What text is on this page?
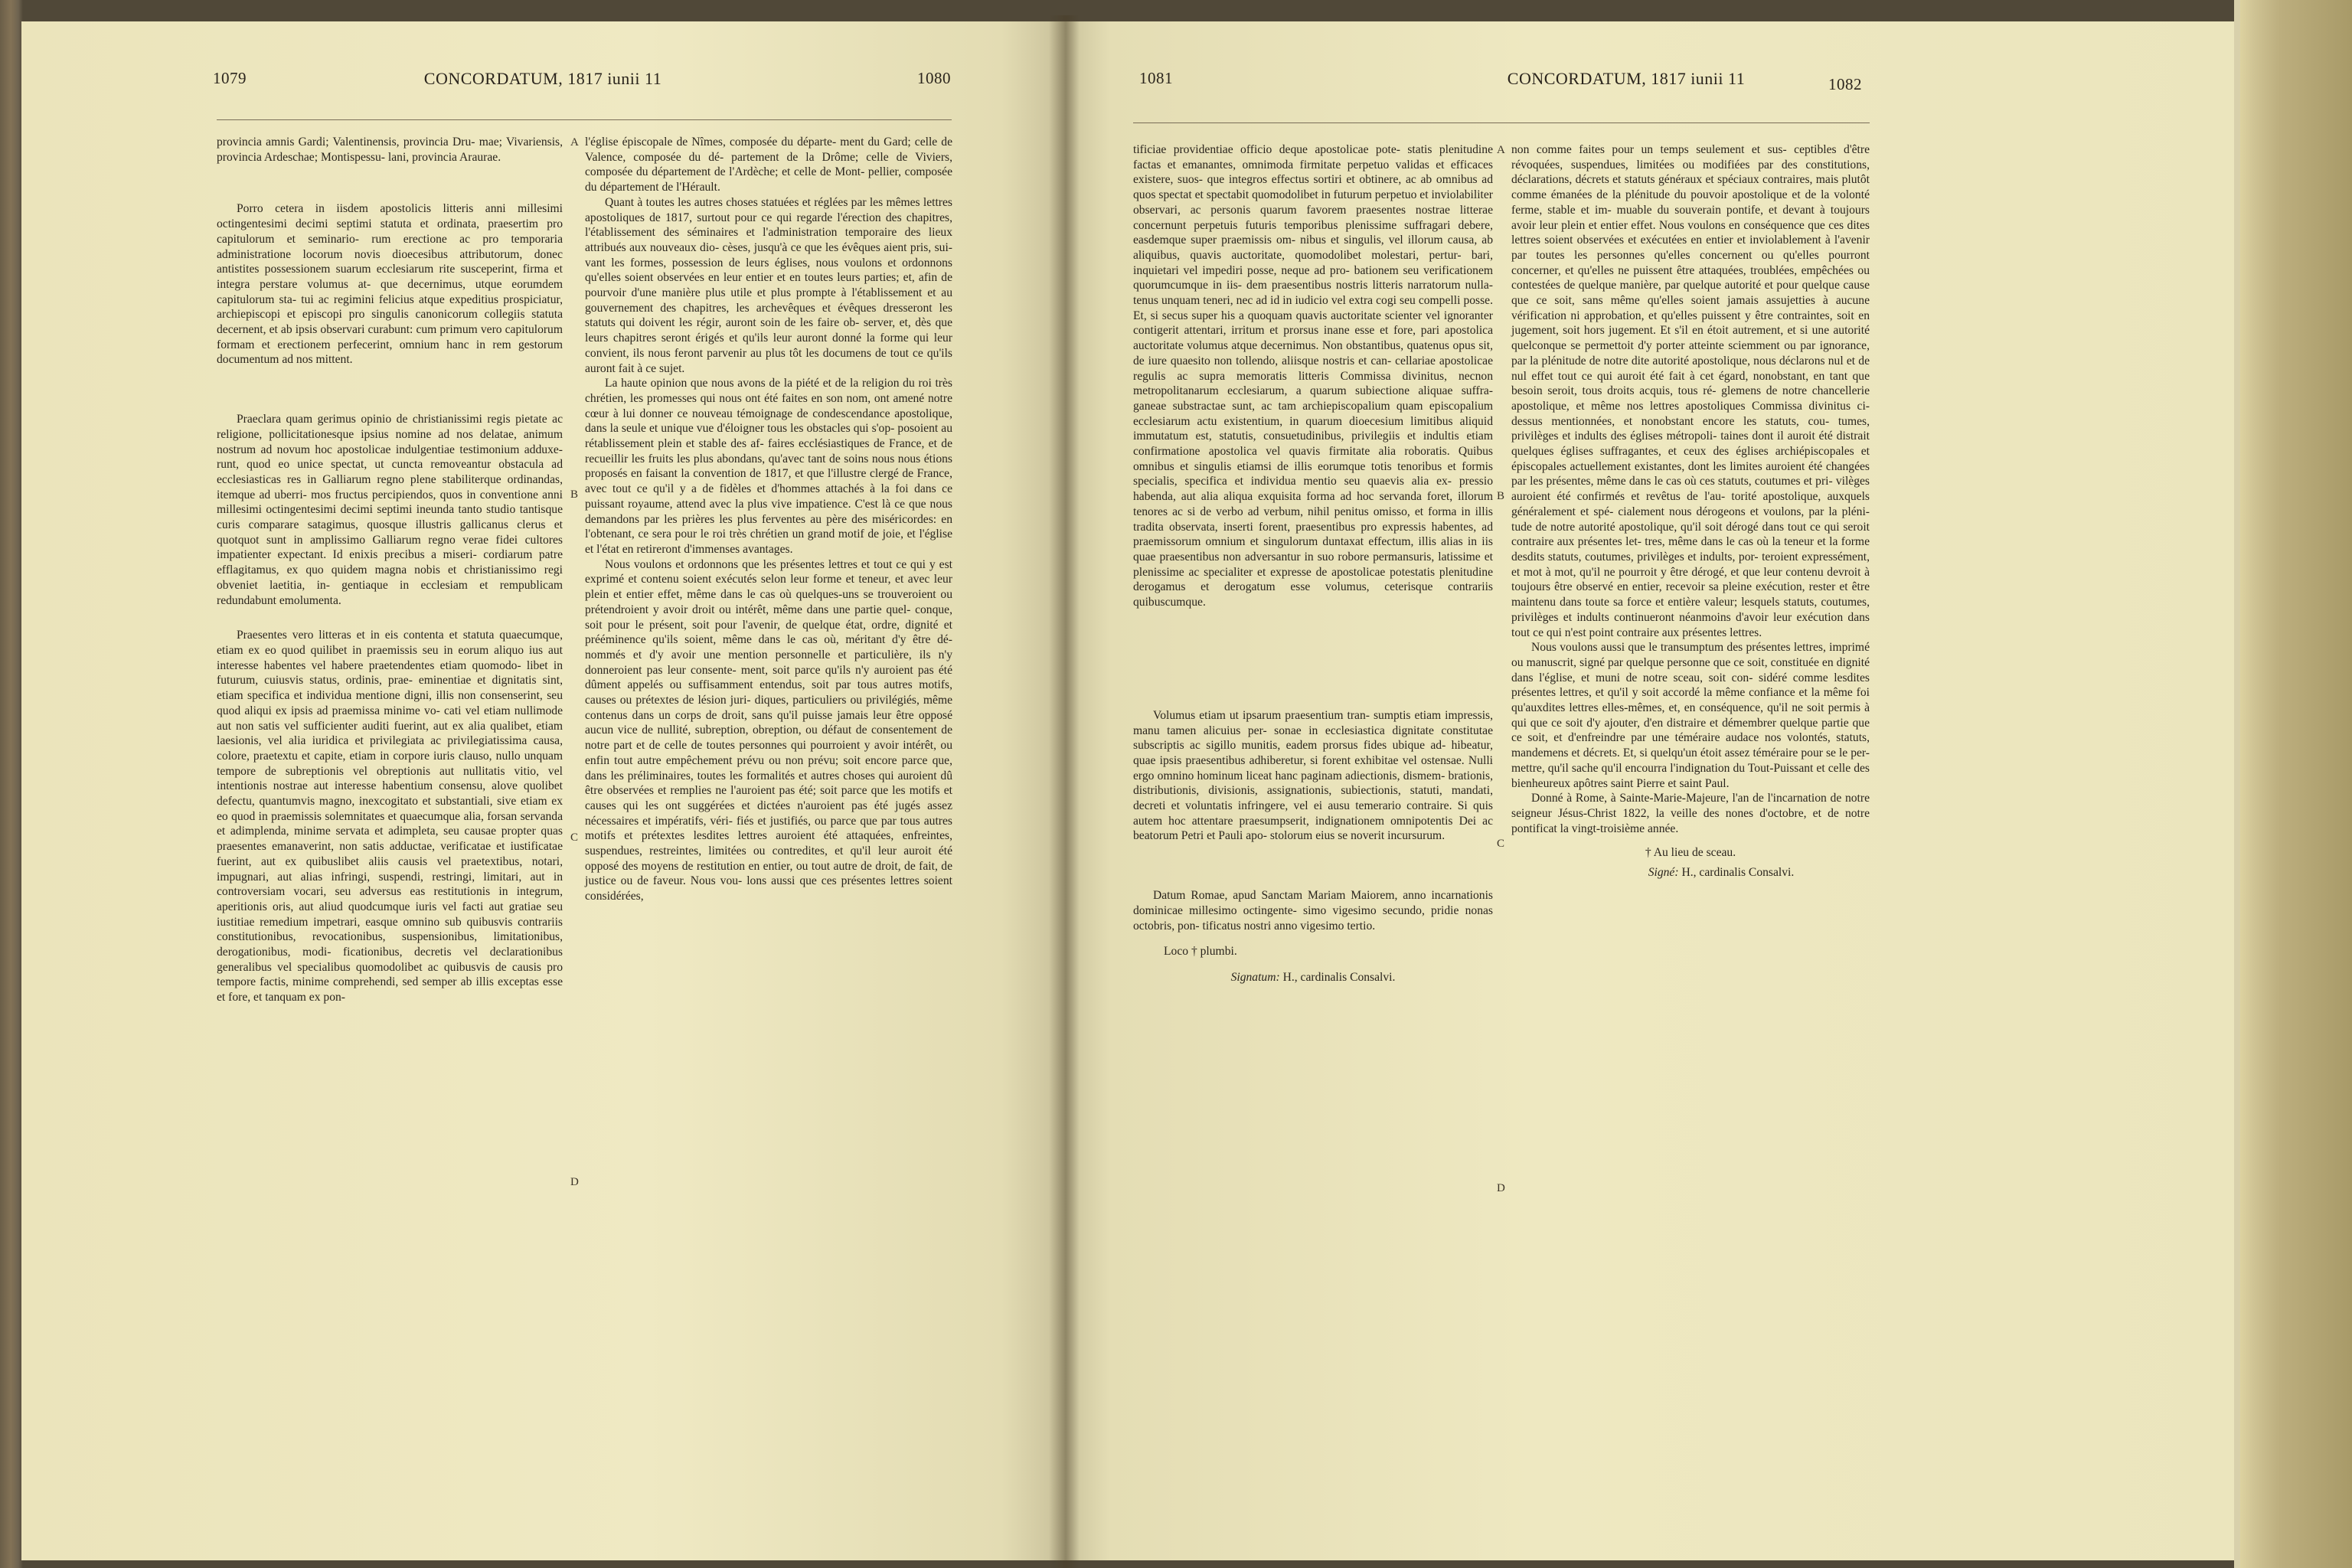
1079	CONCORDATUM, 1817 iunii 11	1080

provincia amnis Gardi; Valentinensis, provincia Dru- mae; Vivariensis, provincia Ardeschae; Montispessu- lani, provincia Araurae.

Porro cetera in iisdem apostolicis litteris anni millesimi octingentesimi decimi septimi statuta et ordinata, praesertim pro capitulorum et seminario- rum erectione ac pro temporaria administratione locorum novis dioecesibus attributorum, donec antistites possessionem suarum ecclesiarum rite susceperint, firma et integra perstare volumus at- que decernimus, utque eorumdem capitulorum sta- tui ac regimini felicius atque expeditius prospiciatur, archiepiscopi et episcopi pro singulis canonicorum collegiis statuta decernent, et ab ipsis observari curabunt: cum primum vero capitulorum formam et erectionem perfecerint, omnium hanc in rem gestorum documentum ad nos mittent.

Praeclara quam gerimus opinio de christianissimi regis pietate ac religione, pollicitationesque ipsius nomine ad nos delatae, animum nostrum ad novum hoc apostolicae indulgentiae testimonium adduxe- runt, quod eo unice spectat, ut cuncta removeantur obstacula ad ecclesiasticas res in Galliarum regno plene stabiliterque ordinandas, itemque ad uberri- mos fructus percipiendos, quos in conventione anni millesimi octingentesimi decimi septimi ineunda tanto studio tantisque curis comparare satagimus, quosque illustris gallicanus clerus et quotquot sunt in amplissimo Galliarum regno verae fidei cultores impatienter expectant. Id enixis precibus a miseri- cordiarum patre efflagitamus, ex quo quidem magna nobis et christianissimo regi obveniet laetitia, in- gentiaque in ecclesiam et rempublicam redundabunt emolumenta.

Praesentes vero litteras et in eis contenta et statuta quaecumque, etiam ex eo quod quilibet in praemissis seu in eorum aliquo ius aut interesse habentes vel habere praetendentes etiam quomodo- libet in futurum, cuiusvis status, ordinis, prae- eminentiae et dignitatis sint, etiam specifica et individua mentione digni, illis non consenserint, seu quod aliqui ex ipsis ad praemissa minime vo- cati vel etiam nullimode aut non satis vel sufficienter auditi fuerint, aut ex alia qualibet, etiam laesionis, vel alia iuridica et privilegiata ac privilegiatissima causa, colore, praetextu et capite, etiam in corpore iuris clauso, nullo unquam tempore de subreptionis vel obreptionis aut nullitatis vitio, vel intentionis nostrae aut interesse habentium consensu, alove quolibet defectu, quantumvis magno, inexcogitato et substantiali, sive etiam ex eo quod in praemissis solemnitates et quaecumque alia, forsan servanda et adimplenda, minime servata et adimpleta, seu causae propter quas praesentes emanaverint, non satis adductae, verificatae et iustificatae fuerint, aut ex quibuslibet aliis causis vel praetextibus, notari, impugnari, aut alias infringi, suspendi, restringi, limitari, aut in controversiam vocari, seu adversus eas restitutionis in integrum, aperitionis oris, aut aliud quodcumque iuris vel facti aut gratiae seu iustitiae remedium impetrari, easque omnino sub quibusvis contrariis constitutionibus, revocationibus, suspensionibus, limitationibus, derogationibus, modi- ficationibus, decretis vel declarationibus generalibus vel specialibus quomodolibet ac quibusvis de causis pro tempore factis, minime comprehendi, sed semper ab illis exceptas esse et fore, et tanquam ex pon-

l'église épiscopale de Nîmes, composée du départe- ment du Gard; celle de Valence, composée du dé- partement de la Drôme; celle de Viviers, composée du département de l'Ardèche; et celle de Mont- pellier, composée du département de l'Hérault.

Quant à toutes les autres choses statuées et réglées par les mêmes lettres apostoliques de 1817, surtout pour ce qui regarde l'érection des chapitres, l'établissement des séminaires et l'administration temporaire des lieux attribués aux nouveaux dio- cèses, jusqu'à ce que les évêques aient pris, sui- vant les formes, possession de leurs églises, nous voulons et ordonnons qu'elles soient observées en leur entier et en toutes leurs parties; et, afin de pourvoir d'une manière plus utile et plus prompte à l'établissement et au gouvernement des chapitres, les archevêques et évêques dresseront les statuts qui doivent les régir, auront soin de les faire ob- server, et, dès que leurs chapitres seront érigés et qu'ils leur auront donné la forme qui leur convient, ils nous feront parvenir au plus tôt les documens de tout ce qu'ils auront fait à ce sujet.

La haute opinion que nous avons de la piété et de la religion du roi très chrétien, les promesses qui nous ont été faites en son nom, ont amené notre cœur à lui donner ce nouveau témoignage de condescendance apostolique, dans la seule et unique vue d'éloigner tous les obstacles qui s'op- posoient au rétablissement plein et stable des af- faires ecclésiastiques de France, et de recueillir les fruits les plus abondans, qu'avec tant de soins nous nous étions proposés en faisant la convention de 1817, et que l'illustre clergé de France, avec tout ce qu'il y a de fidèles et d'hommes attachés à la foi dans ce puissant royaume, attend avec la plus vive impatience. C'est là ce que nous demandons par les prières les plus ferventes au père des miséricordes: en l'obtenant, ce sera pour le roi très chrétien un grand motif de joie, et l'église et l'état en retireront d'immenses avantages.

Nous voulons et ordonnons que les présentes lettres et tout ce qui y est exprimé et contenu soient exécutés selon leur forme et teneur, et avec leur plein et entier effet, même dans le cas où quelques-uns se trouveroient ou prétendroient y avoir droit ou intérêt, même dans une partie quel- conque, soit pour le présent, soit pour l'avenir, de quelque état, ordre, dignité et prééminence qu'ils soient, même dans le cas où, méritant d'y être dé- nommés et d'y avoir une mention personnelle et particulière, ils n'y donneroient pas leur consente- ment, soit parce qu'ils n'y auroient pas été dûment appelés ou suffisamment entendus, soit par tous autres motifs, causes ou prétextes de lésion juri- diques, particuliers ou privilégiés, même contenus dans un corps de droit, sans qu'il puisse jamais leur être opposé aucun vice de nullité, subreption, obreption, ou défaut de consentement de notre part et de celle de toutes personnes qui pourroient y avoir intérêt, ou enfin tout autre empêchement prévu ou non prévu; soit encore parce que, dans les préliminaires, toutes les formalités et autres choses qui auroient dû être observées et remplies ne l'auroient pas été; soit parce que les motifs et causes qui les ont suggérées et dictées n'auroient pas été jugés assez nécessaires et impératifs, véri- fiés et justifiés, ou parce que par tous autres motifs et prétextes lesdites lettres auroient été attaquées, enfreintes, suspendues, restreintes, limitées ou contredites, et qu'il leur auroit été opposé des moyens de restitution en entier, ou tout autre de droit, de fait, de justice ou de faveur. Nous vou- lons aussi que ces présentes lettres soient considérées,

A
B
C
D
1081	CONCORDATUM, 1817 iunii 11	1082

tificiae providentiae officio deque apostolicae pote- statis plenitudine factas et emanantes, omnimoda firmitate perpetuo validas et efficaces existere, suos- que integros effectus sortiri et obtinere, ac ab omnibus ad quos spectat et spectabit quomodolibet in futurum perpetuo et inviolabiliter observari, ac personis quarum favorem praesentes nostrae litterae concernunt perpetuis futuris temporibus plenissime suffragari debere, easdemque super praemissis om- nibus et singulis, vel illorum causa, ab aliquibus, quavis auctoritate, quomodolibet molestari, pertur- bari, inquietari vel impediri posse, neque ad pro- bationem seu verificationem quorumcumque in iis- dem praesentibus nostris litteris narratorum nulla- tenus unquam teneri, nec ad id in iudicio vel extra cogi seu compelli posse. Et, si secus super his a quoquam quavis auctoritate scienter vel ignoranter contigerit attentari, irritum et prorsus inane esse et fore, pari apostolica auctoritate volumus atque decernimus. Non obstantibus, quatenus opus sit, de iure quaesito non tollendo, aliisque nostris et can- cellariae apostolicae regulis ac supra memoratis litteris Commissa divinitus, necnon metropolitanarum ecclesiarum, a quarum subiectione aliquae suffra- ganeae substractae sunt, ac tam archiepiscopalium quam episcopalium ecclesiarum actu existentium, in quarum dioecesium limitibus aliquid immutatum est, statutis, consuetudinibus, privilegiis et indultis etiam confirmatione apostolica vel quavis firmitate alia roboratis. Quibus omnibus et singulis etiamsi de illis eorumque totis tenoribus et formis specialis, specifica et individua mentio seu quaevis alia ex- pressio habenda, aut alia aliqua exquisita forma ad hoc servanda foret, illorum tenores ac si de verbo ad verbum, nihil penitus omisso, et forma in illis tradita observata, inserti forent, praesentibus pro expressis habentes, ad praemissorum omnium et singulorum duntaxat effectum, illis alias in iis quae praesentibus non adversantur in suo robore permansuris, latissime et plenissime ac specialiter et expresse de apostolicae potestatis plenitudine derogamus et derogatum esse volumus, ceterisque contrariis quibuscumque.

Volumus etiam ut ipsarum praesentium tran- sumptis etiam impressis, manu tamen alicuius per- sonae in ecclesiastica dignitate constitutae subscriptis ac sigillo munitis, eadem prorsus fides ubique ad- hibeatur, quae ipsis praesentibus adhiberetur, si forent exhibitae vel ostensae. Nulli ergo omnino hominum liceat hanc paginam adiectionis, dismem- brationis, distributionis, divisionis, assignationis, subiectionis, statuti, mandati, decreti et voluntatis infringere, vel ei ausu temerario contraire. Si quis autem hoc attentare praesumpserit, indignationem omnipotentis Dei ac beatorum Petri et Pauli apo- stolorum eius se noverit incursurum.

Datum Romae, apud Sanctam Mariam Maiorem, anno incarnationis dominicae millesimo octingente- simo vigesimo secundo, pridie nonas octobris, pon- tificatus nostri anno vigesimo tertio.

Loco † plumbi.
Signatum: H., cardinalis Consalvi.

non comme faites pour un temps seulement et sus- ceptibles d'être révoquées, suspendues, limitées ou modifiées par des constitutions, déclarations, décrets et statuts généraux et spéciaux contraires, mais plutôt comme émanées de la plénitude du pouvoir apostolique et de la volonté ferme, stable et im- muable du souverain pontife, et devant à toujours avoir leur plein et entier effet. Nous voulons en conséquence que ces dites lettres soient observées et exécutées en entier et inviolablement à l'avenir par toutes les personnes qu'elles concernent ou qu'elles pourront concerner, et qu'elles ne puissent être attaquées, troublées, empêchées ou contestées de quelque manière, par quelque autorité et pour quelque cause que ce soit, sans même qu'elles soient jamais assujetties à aucune vérification ni approbation, et qu'elles puissent y être contraintes, soit en jugement, soit hors jugement. Et s'il en étoit autrement, et si une autorité quelconque se permettoit d'y porter atteinte sciemment ou par ignorance, par la plénitude de notre dite autorité apostolique, nous déclarons nul et de nul effet tout ce qui auroit été fait à cet égard, nonobstant, en tant que besoin seroit, tous droits acquis, tous ré- glemens de notre chancellerie apostolique, et même nos lettres apostoliques Commissa divinitus ci-dessus mentionnées, et nonobstant encore les statuts, cou- tumes, privilèges et indults des églises métropoli- taines dont il auroit été distrait quelques églises suffragantes, et ceux des églises archiépiscopales et épiscopales actuellement existantes, dont les limites auroient été changées par les présentes, même dans le cas où ces statuts, coutumes et pri- vilèges auroient été confirmés et revêtus de l'au- torité apostolique, auxquels généralement et spé- cialement nous dérogeons et voulons, par la pléni- tude de notre autorité apostolique, qu'il soit dérogé dans tout ce qui seroit contraire aux présentes let- tres, même dans le cas où la teneur et la forme desdits statuts, coutumes, privilèges et indults, por- teroient expressément, et mot à mot, qu'il ne pourroit y être dérogé, et que leur contenu devroit à toujours être observé en entier, recevoir sa pleine exécution, rester et être maintenu dans toute sa force et entière valeur; lesquels statuts, coutumes, privilèges et indults continueront néanmoins d'avoir leur exécution dans tout ce qui n'est point contraire aux présentes lettres.

Nous voulons aussi que le transumptum des présentes lettres, imprimé ou manuscrit, signé par quelque personne que ce soit, constituée en dignité dans l'église, et muni de notre sceau, soit con- sidéré comme lesdites présentes lettres, et qu'il y soit accordé la même confiance et la même foi qu'auxdites lettres elles-mêmes, et, en conséquence, qu'il ne soit permis à qui que ce soit d'y ajouter, d'en distraire et démembrer quelque partie que ce soit, et d'enfreindre par une téméraire audace nos volontés, statuts, mandemens et décrets. Et, si quelqu'un étoit assez téméraire pour se le per- mettre, qu'il sache qu'il encourra l'indignation du Tout-Puissant et celle des bienheureux apôtres saint Pierre et saint Paul.

Donné à Rome, à Sainte-Marie-Majeure, l'an de l'incarnation de notre seigneur Jésus-Christ 1822, la veille des nones d'octobre, et de notre pontificat la vingt-troisième année.

† Au lieu de sceau.
Signé: H., cardinalis Consalvi.
A
B
C
D
